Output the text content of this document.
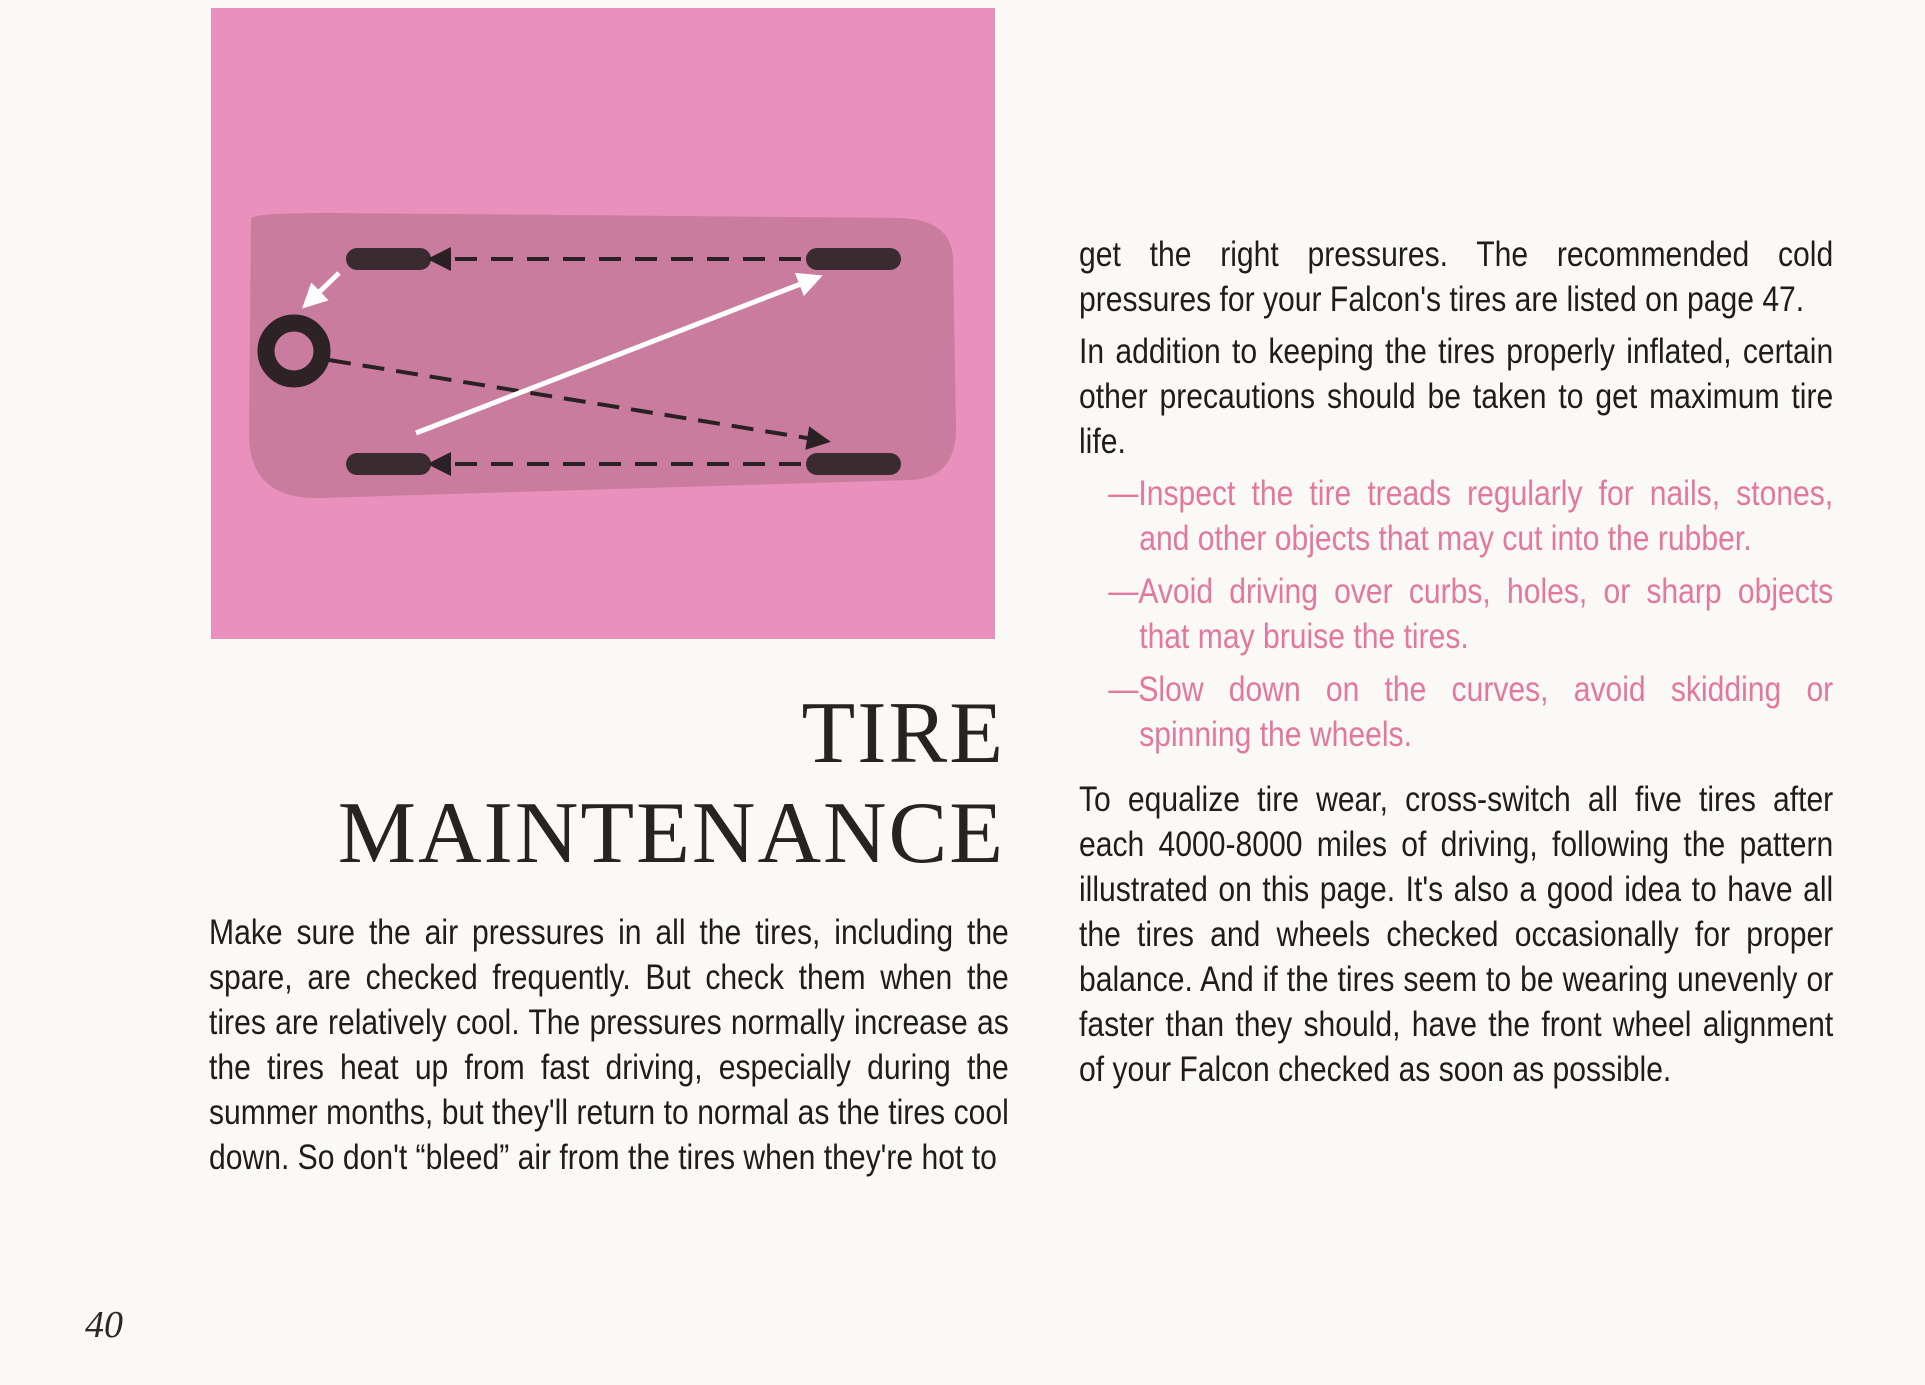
TIRE
MAINTENANCE

Make sure the air pressures in all the tires, including the spare, are checked frequently. But check them when the tires are relatively cool. The pressures normally increase as the tires heat up from fast driving, especially during the summer months, but they'll return to normal as the tires cool down. So don't “bleed” air from the tires when they're hot to

get the right pressures. The recommended cold pressures for your Falcon's tires are listed on page 47.

In addition to keeping the tires properly inflated, certain other precautions should be taken to get maximum tire life.

—Inspect the tire treads regularly for nails, stones, and other objects that may cut into the rubber.
—Avoid driving over curbs, holes, or sharp objects that may bruise the tires.
—Slow down on the curves, avoid skidding or spinning the wheels.

To equalize tire wear, cross-switch all five tires after each 4000-8000 miles of driving, following the pattern illustrated on this page. It's also a good idea to have all the tires and wheels checked occasionally for proper balance. And if the tires seem to be wearing unevenly or faster than they should, have the front wheel alignment of your Falcon checked as soon as possible.

40
